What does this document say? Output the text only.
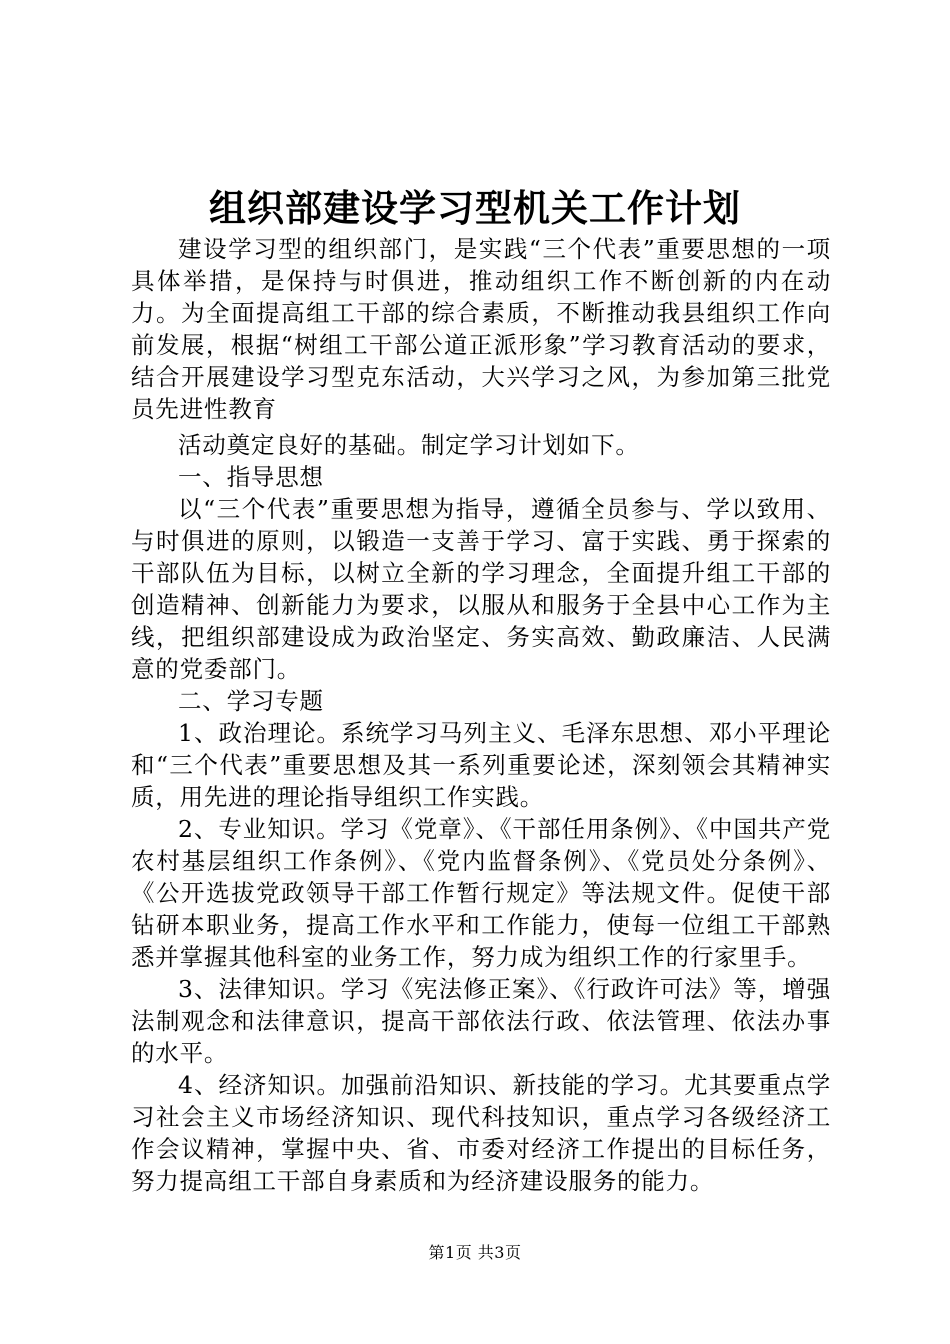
组织部建设学习型机关工作计划

建设学习型的组织部门，是实践“三个代表”重要思想的一项具体举措，是保持与时俱进，推动组织工作不断创新的内在动力。为全面提高组工干部的综合素质，不断推动我县组织工作向前发展，根据“树组工干部公道正派形象”学习教育活动的要求，结合开展建设学习型克东活动，大兴学习之风，为参加第三批党员先进性教育

活动奠定良好的基础。制定学习计划如下。

一、指导思想

以“三个代表”重要思想为指导，遵循全员参与、学以致用、与时俱进的原则，以锻造一支善于学习、富于实践、勇于探索的干部队伍为目标，以树立全新的学习理念，全面提升组工干部的创造精神、创新能力为要求，以服从和服务于全县中心工作为主线，把组织部建设成为政治坚定、务实高效、勤政廉洁、人民满意的党委部门。

二、学习专题

1、政治理论。系统学习马列主义、毛泽东思想、邓小平理论和“三个代表”重要思想及其一系列重要论述，深刻领会其精神实质，用先进的理论指导组织工作实践。

2、专业知识。学习《党章》、《干部任用条例》、《中国共产党农村基层组织工作条例》、《党内监督条例》、《党员处分条例》、《公开选拔党政领导干部工作暂行规定》等法规文件。促使干部钻研本职业务，提高工作水平和工作能力，使每一位组工干部熟悉并掌握其他科室的业务工作，努力成为组织工作的行家里手。

3、法律知识。学习《宪法修正案》、《行政许可法》等，增强法制观念和法律意识，提高干部依法行政、依法管理、依法办事的水平。

4、经济知识。加强前沿知识、新技能的学习。尤其要重点学习社会主义市场经济知识、现代科技知识，重点学习各级经济工作会议精神，掌握中央、省、市委对经济工作提出的目标任务，努力提高组工干部自身素质和为经济建设服务的能力。

第1页 共3页
